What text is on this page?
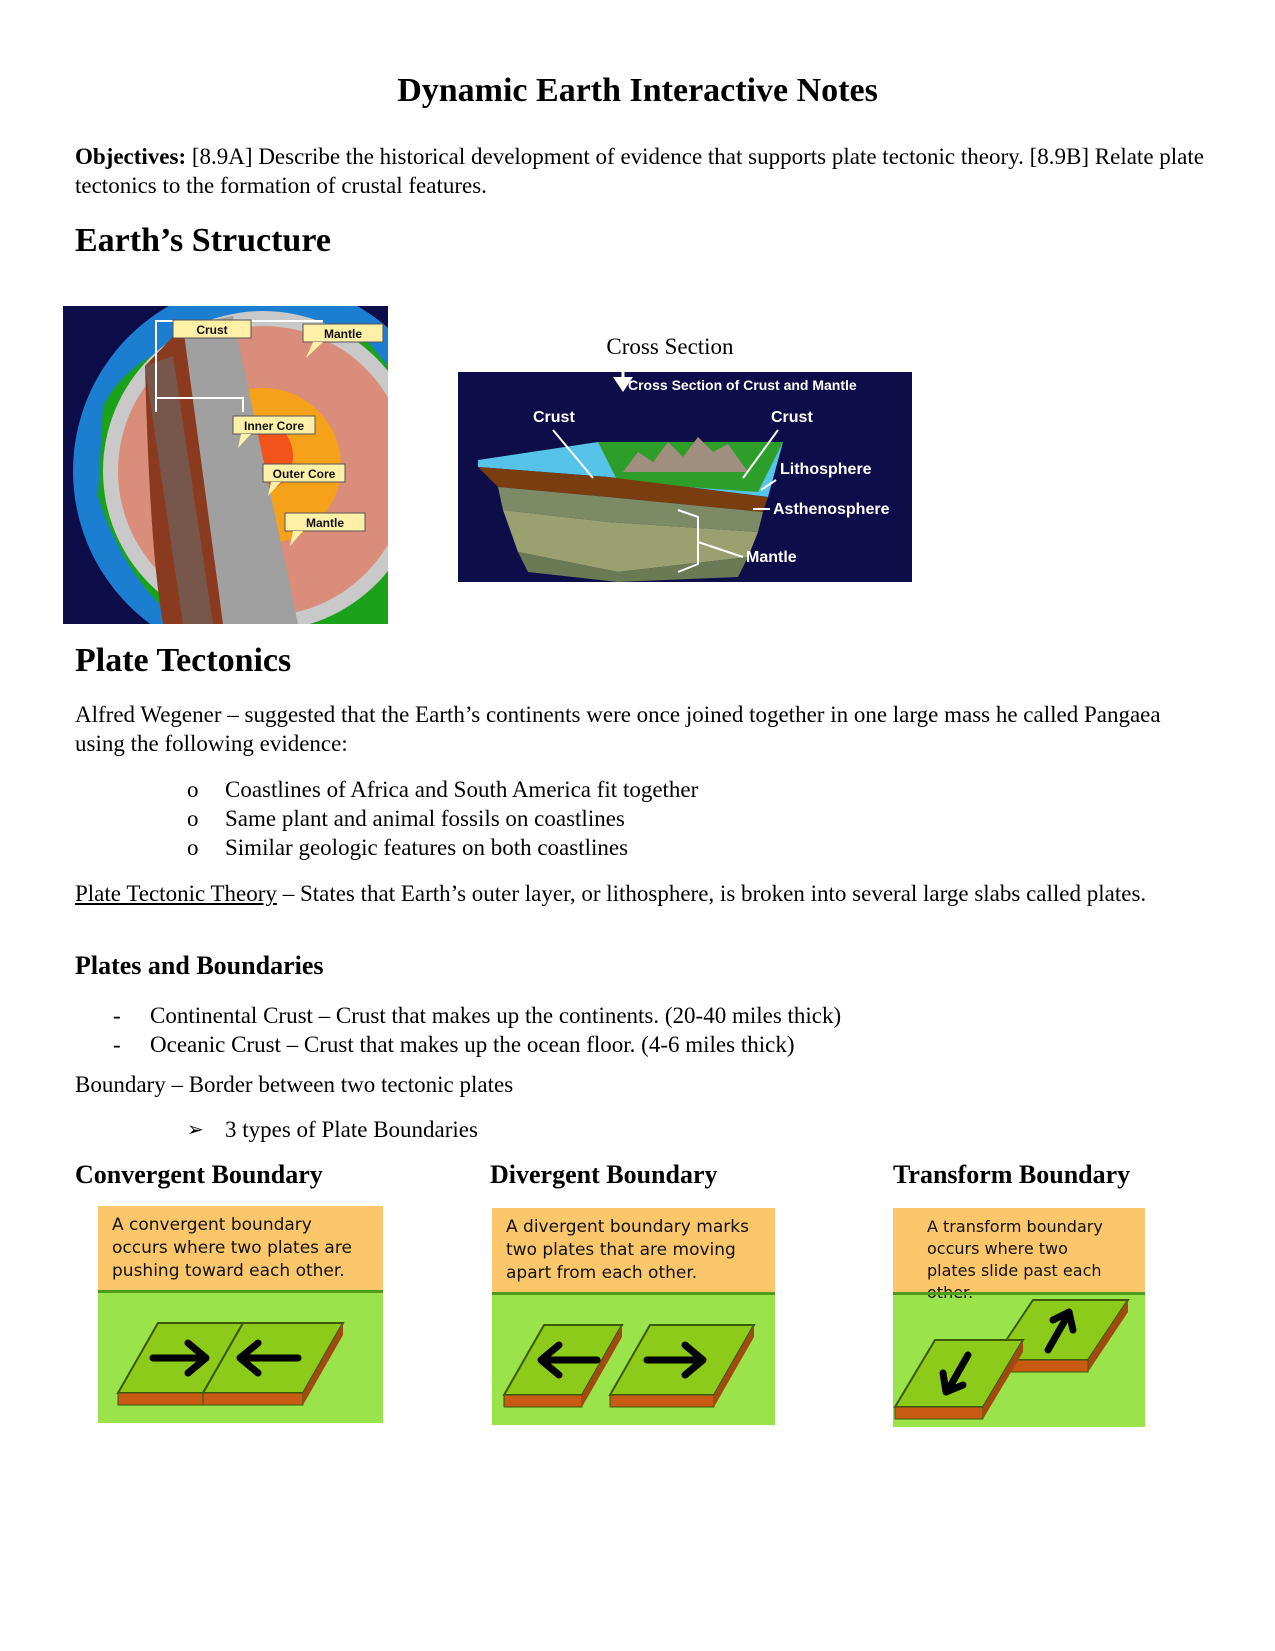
Dynamic Earth Interactive Notes

Objectives: [8.9A] Describe the historical development of evidence that supports plate tectonic theory. [8.9B] Relate plate tectonics to the formation of crustal features.

Earth’s Structure
Crust	Mantle
Inner Core
Outer Core
Mantle
Cross Section
Cross Section of Crust and Mantle
Crust	Crust
Lithosphere
Asthenosphere
Mantle
Plate Tectonics

Alfred Wegener – suggested that the Earth’s continents were once joined together in one large mass he called Pangaea using the following evidence:

o Coastlines of Africa and South America fit together
o Same plant and animal fossils on coastlines
o Similar geologic features on both coastlines

Plate Tectonic Theory – States that Earth’s outer layer, or lithosphere, is broken into several large slabs called plates.

Plates and Boundaries
- Continental Crust – Crust that makes up the continents. (20-40 miles thick)
- Oceanic Crust – Crust that makes up the ocean floor. (4-6 miles thick)

Boundary – Border between two tectonic plates

➢ 3 types of Plate Boundaries
Convergent Boundary	Divergent Boundary	Transform Boundary
A convergent boundary occurs where two plates are pushing toward each other.
A divergent boundary marks two plates that are moving apart from each other.
A transform boundary occurs where two plates slide past each
